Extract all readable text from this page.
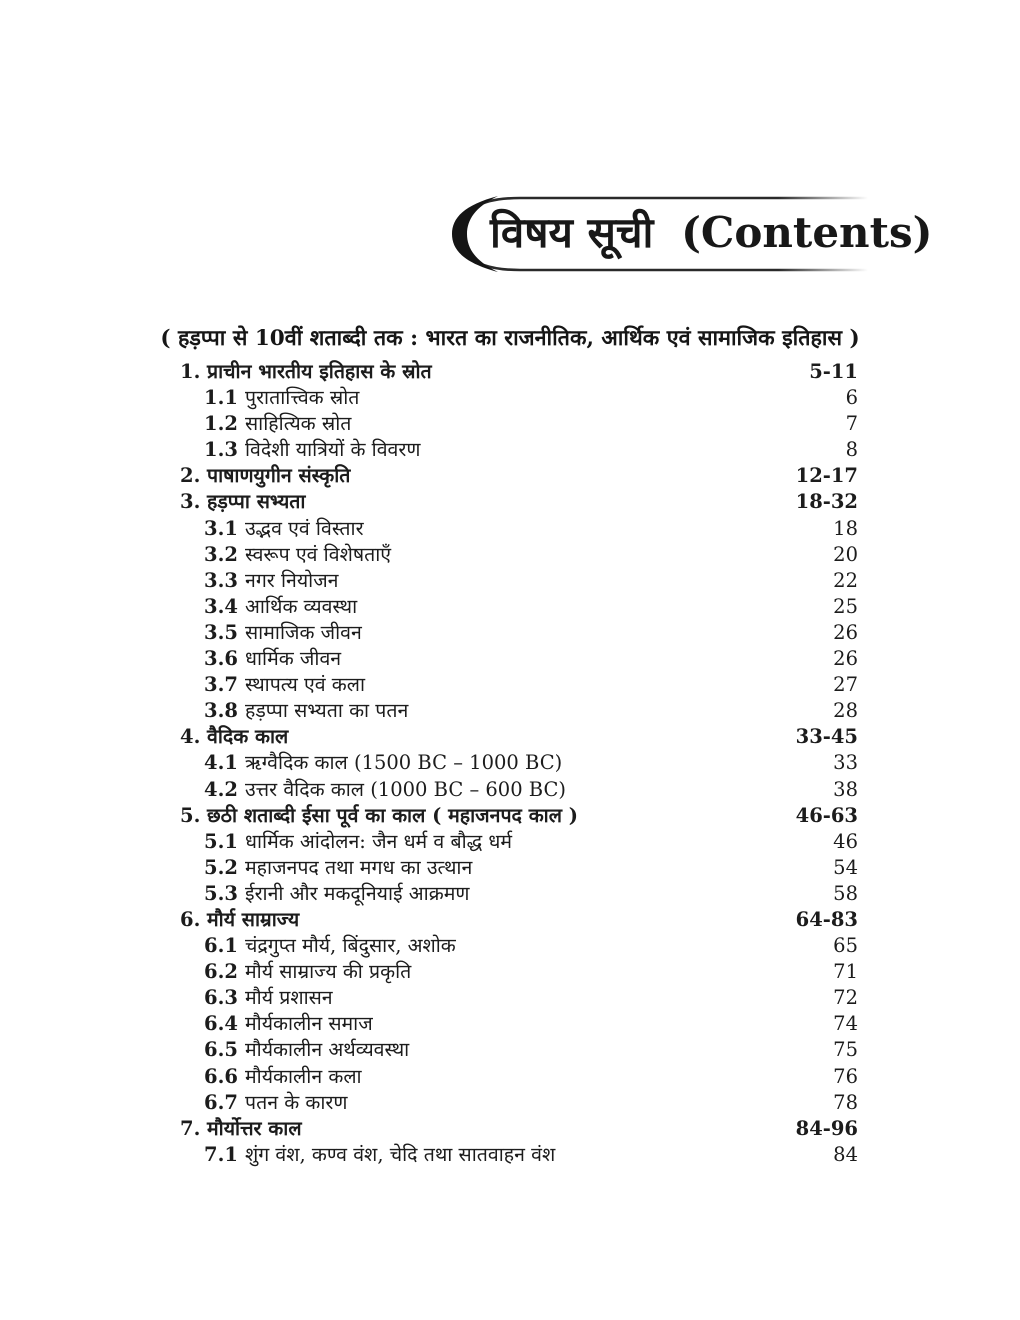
विषय सूची (Contents)

( हड़प्पा से 10वीं शताब्दी तक : भारत का राजनीतिक, आर्थिक एवं सामाजिक इतिहास )

1. प्राचीन भारतीय इतिहास के स्रोत	5-11
1.1 पुरातात्त्विक स्रोत	6
1.2 साहित्यिक स्रोत	7
1.3 विदेशी यात्रियों के विवरण	8
2. पाषाणयुगीन संस्कृति	12-17
3. हड़प्पा सभ्यता	18-32
3.1 उद्भव एवं विस्तार	18
3.2 स्वरूप एवं विशेषताएँ	20
3.3 नगर नियोजन	22
3.4 आर्थिक व्यवस्था	25
3.5 सामाजिक जीवन	26
3.6 धार्मिक जीवन	26
3.7 स्थापत्य एवं कला	27
3.8 हड़प्पा सभ्यता का पतन	28
4. वैदिक काल	33-45
4.1 ऋग्वैदिक काल (1500 BC – 1000 BC)	33
4.2 उत्तर वैदिक काल (1000 BC – 600 BC)	38
5. छठी शताब्दी ईसा पूर्व का काल ( महाजनपद काल )	46-63
5.1 धार्मिक आंदोलन: जैन धर्म व बौद्ध धर्म	46
5.2 महाजनपद तथा मगध का उत्थान	54
5.3 ईरानी और मकदूनियाई आक्रमण	58
6. मौर्य साम्राज्य	64-83
6.1 चंद्रगुप्त मौर्य, बिंदुसार, अशोक	65
6.2 मौर्य साम्राज्य की प्रकृति	71
6.3 मौर्य प्रशासन	72
6.4 मौर्यकालीन समाज	74
6.5 मौर्यकालीन अर्थव्यवस्था	75
6.6 मौर्यकालीन कला	76
6.7 पतन के कारण	78
7. मौर्योत्तर काल	84-96
7.1 शुंग वंश, कण्व वंश, चेदि तथा सातवाहन वंश	84
